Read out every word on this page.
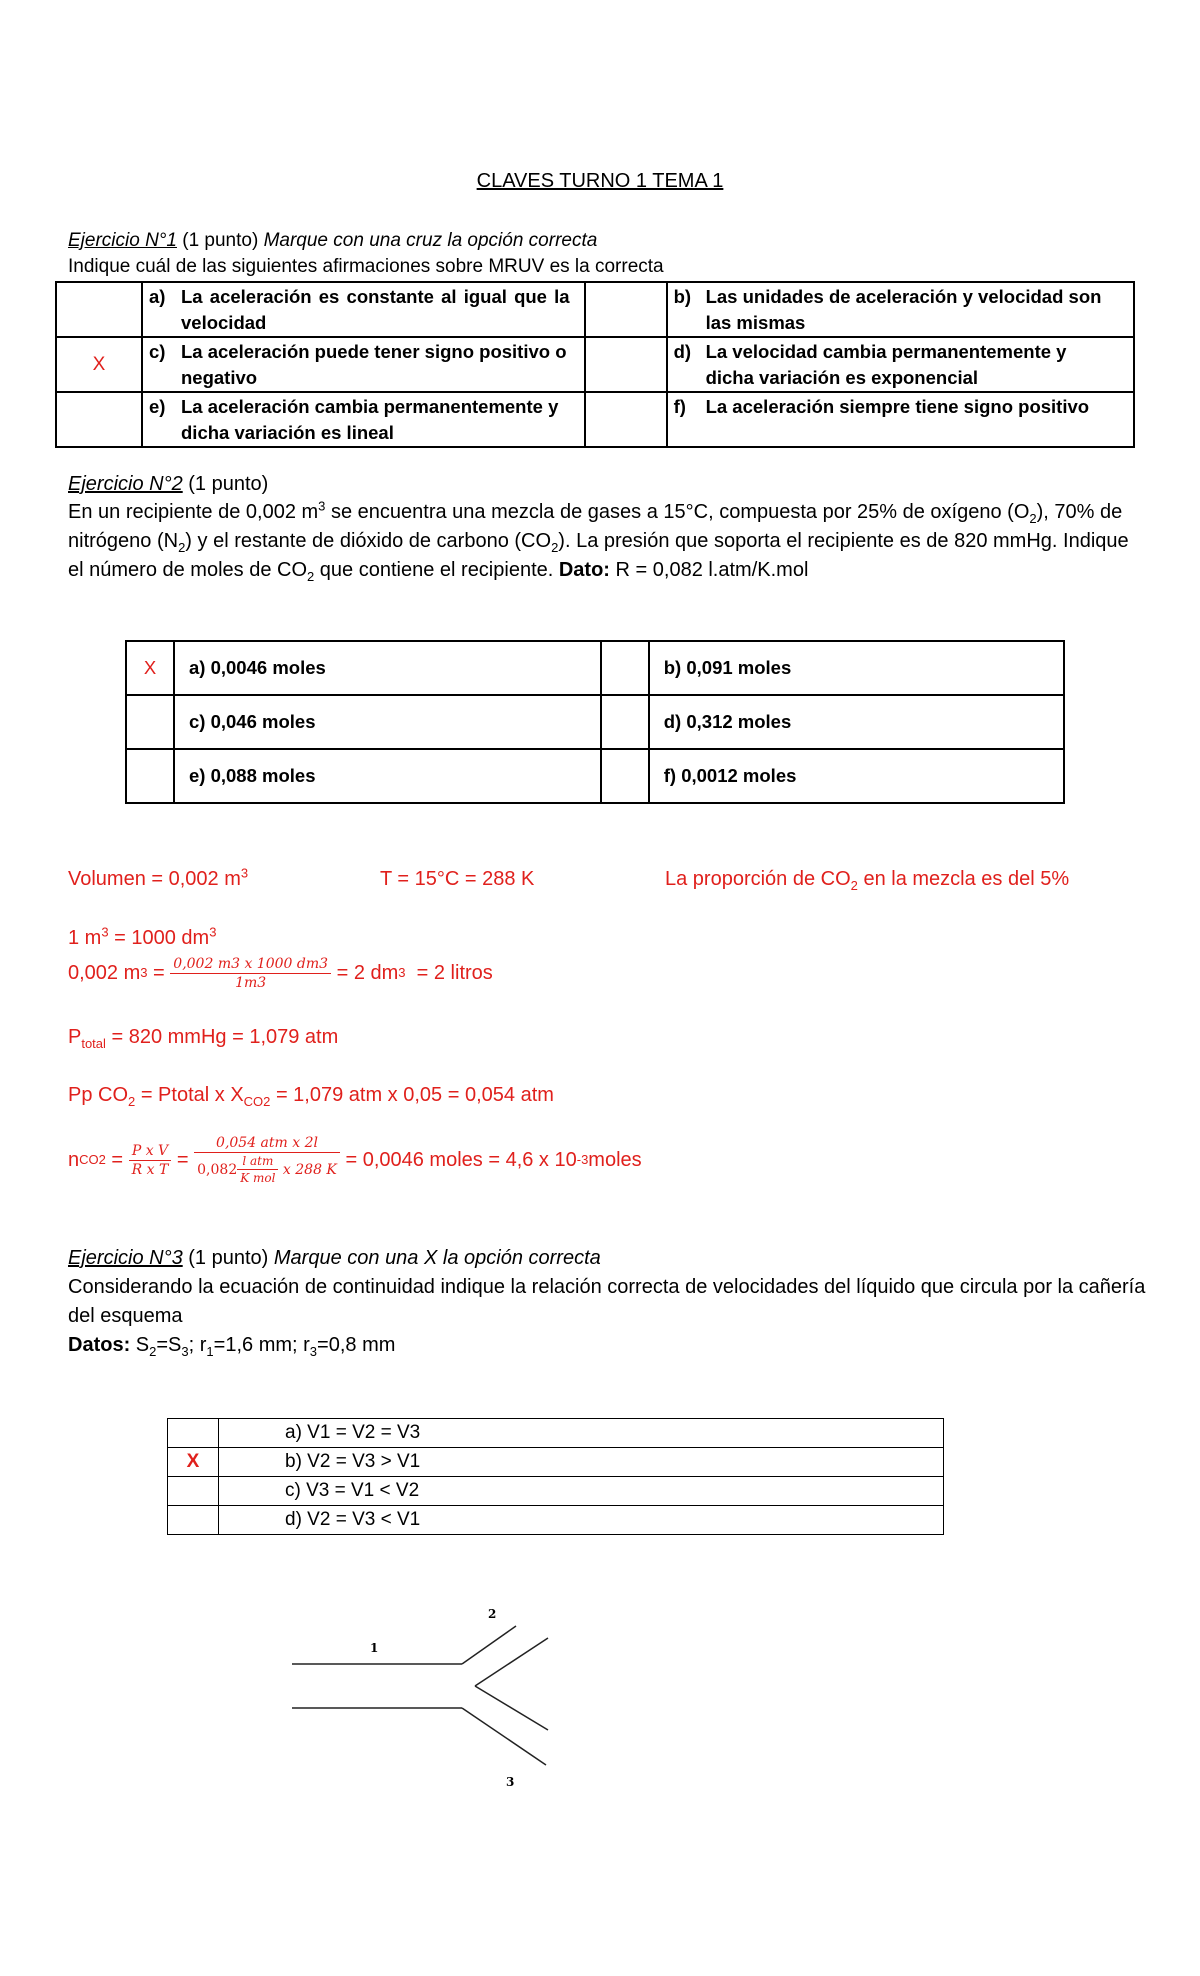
CLAVES TURNO 1 TEMA 1
Ejercicio N°1 (1 punto) Marque con una cruz la opción correcta
Indique cuál de las siguientes afirmaciones sobre MRUV es la correcta
	a) La aceleración es constante al igual que la velocidad		b) Las unidades de aceleración y velocidad son las mismas
X	c) La aceleración puede tener signo positivo o negativo		d) La velocidad cambia permanentemente y dicha variación es exponencial
	e) La aceleración cambia permanentemente y dicha variación es lineal		f) La aceleración siempre tiene signo positivo
Ejercicio N°2 (1 punto)
En un recipiente de 0,002 $m^3$ se encuentra una mezcla de gases a 15°C, compuesta por 25% de oxígeno $(O_2)$, 70% de nitrógeno $(N_2)$ y el restante de dióxido de carbono $(CO_2)$. La presión que soporta el recipiente es de 820 mmHg. Indique el número de moles de $CO_2$ que contiene el recipiente. Dato: R = 0,082 l.atm/K.mol
X	a) 0,0046 moles		b) 0,091 moles
	c) 0,046 moles		d) 0,312 moles
	e) 0,088 moles		f) 0,0012 moles
Volumen = 0,002 $m^3$	T = 15°C = 288 K	La proporción de $CO_2$ en la mezcla es del 5%
1 $m^3 = 1000$ $dm^3$
0,002 m $3 = \frac{0,002 m3 x 1000 dm3}{1m3} = 2$ dm 3 = 2 litros
$P_{total} = 820$ mmHg = 1,079 atm
Pp $CO_2$ = Ptotal x $X_{CO2} = 1,079$ atm x 0,05 = 0,054 atm
n $CO2 = \frac{\text{P x V}}{\text{R x T}} = \frac{\text{0,054 atm x 2l}}{0,082 \frac{\text{l atm}}{\text{K mol}} x 288 K} = 0,0046$ moles = 4,6 x 10 -3 moles
Ejercicio N°3 (1 punto) Marque con una X la opción correcta
Considerando la ecuación de continuidad indique la relación correcta de velocidades del líquido que circula por la cañería del esquema
Datos: $S_2=S_3$; $r_1=1,6$ mm; $r_3=0,8$ mm
	a) V1 = V2 = V3
X	b) V2 = V3 > V1
	c) V3 = V1 < V2
	d) V2 = V3 < V1
1
2
3
